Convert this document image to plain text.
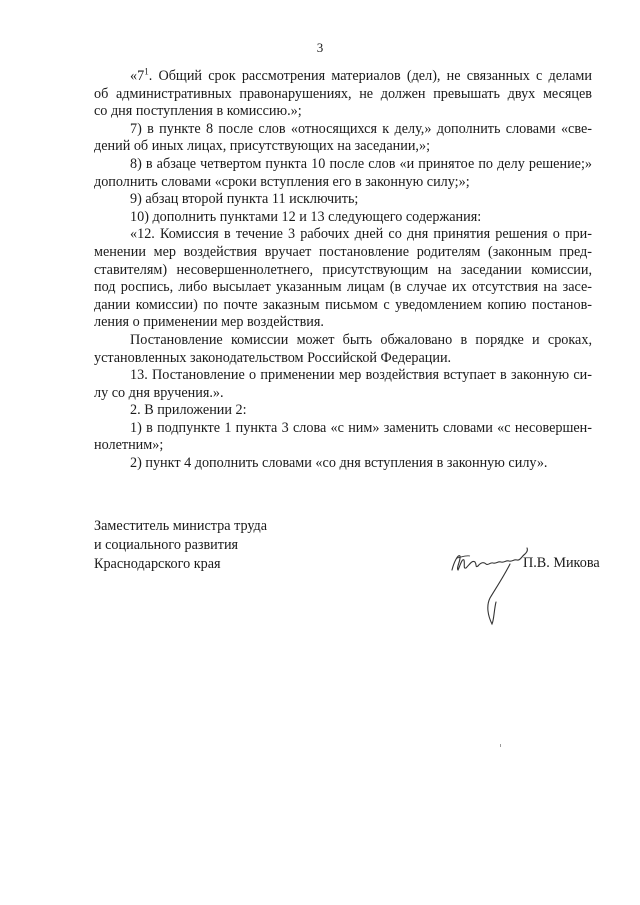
3

«$7^1$. Общий срок рассмотрения материалов (дел), не связанных с делами
об административных правонарушениях, не должен превышать двух месяцев
со дня поступления в комиссию.»;

7) в пункте 8 после слов «относящихся к делу,» дополнить словами «све-
дений об иных лицах, присутствующих на заседании,»;

8) в абзаце четвертом пункта 10 после слов «и принятое по делу решение;»
дополнить словами «сроки вступления его в законную силу;»;

9) абзац второй пункта 11 исключить;

10) дополнить пунктами 12 и 13 следующего содержания:

«12. Комиссия в течение 3 рабочих дней со дня принятия решения о при-
менении мер воздействия вручает постановление родителям (законным пред-
ставителям) несовершеннолетнего, присутствующим на заседании комиссии,
под роспись, либо высылает указанным лицам (в случае их отсутствия на засе-
дании комиссии) по почте заказным письмом с уведомлением копию постанов-
ления о применении мер воздействия.

Постановление комиссии может быть обжаловано в порядке и сроках,
установленных законодательством Российской Федерации.

13. Постановление о применении мер воздействия вступает в законную си-
лу со дня вручения.».

2. В приложении 2:

1) в подпункте 1 пункта 3 слова «с ним» заменить словами «с несовершен-
нолетним»;

2) пункт 4 дополнить словами «со дня вступления в законную силу».

Заместитель министра труда
и социального развития
Краснодарского края	П.В. Микова
